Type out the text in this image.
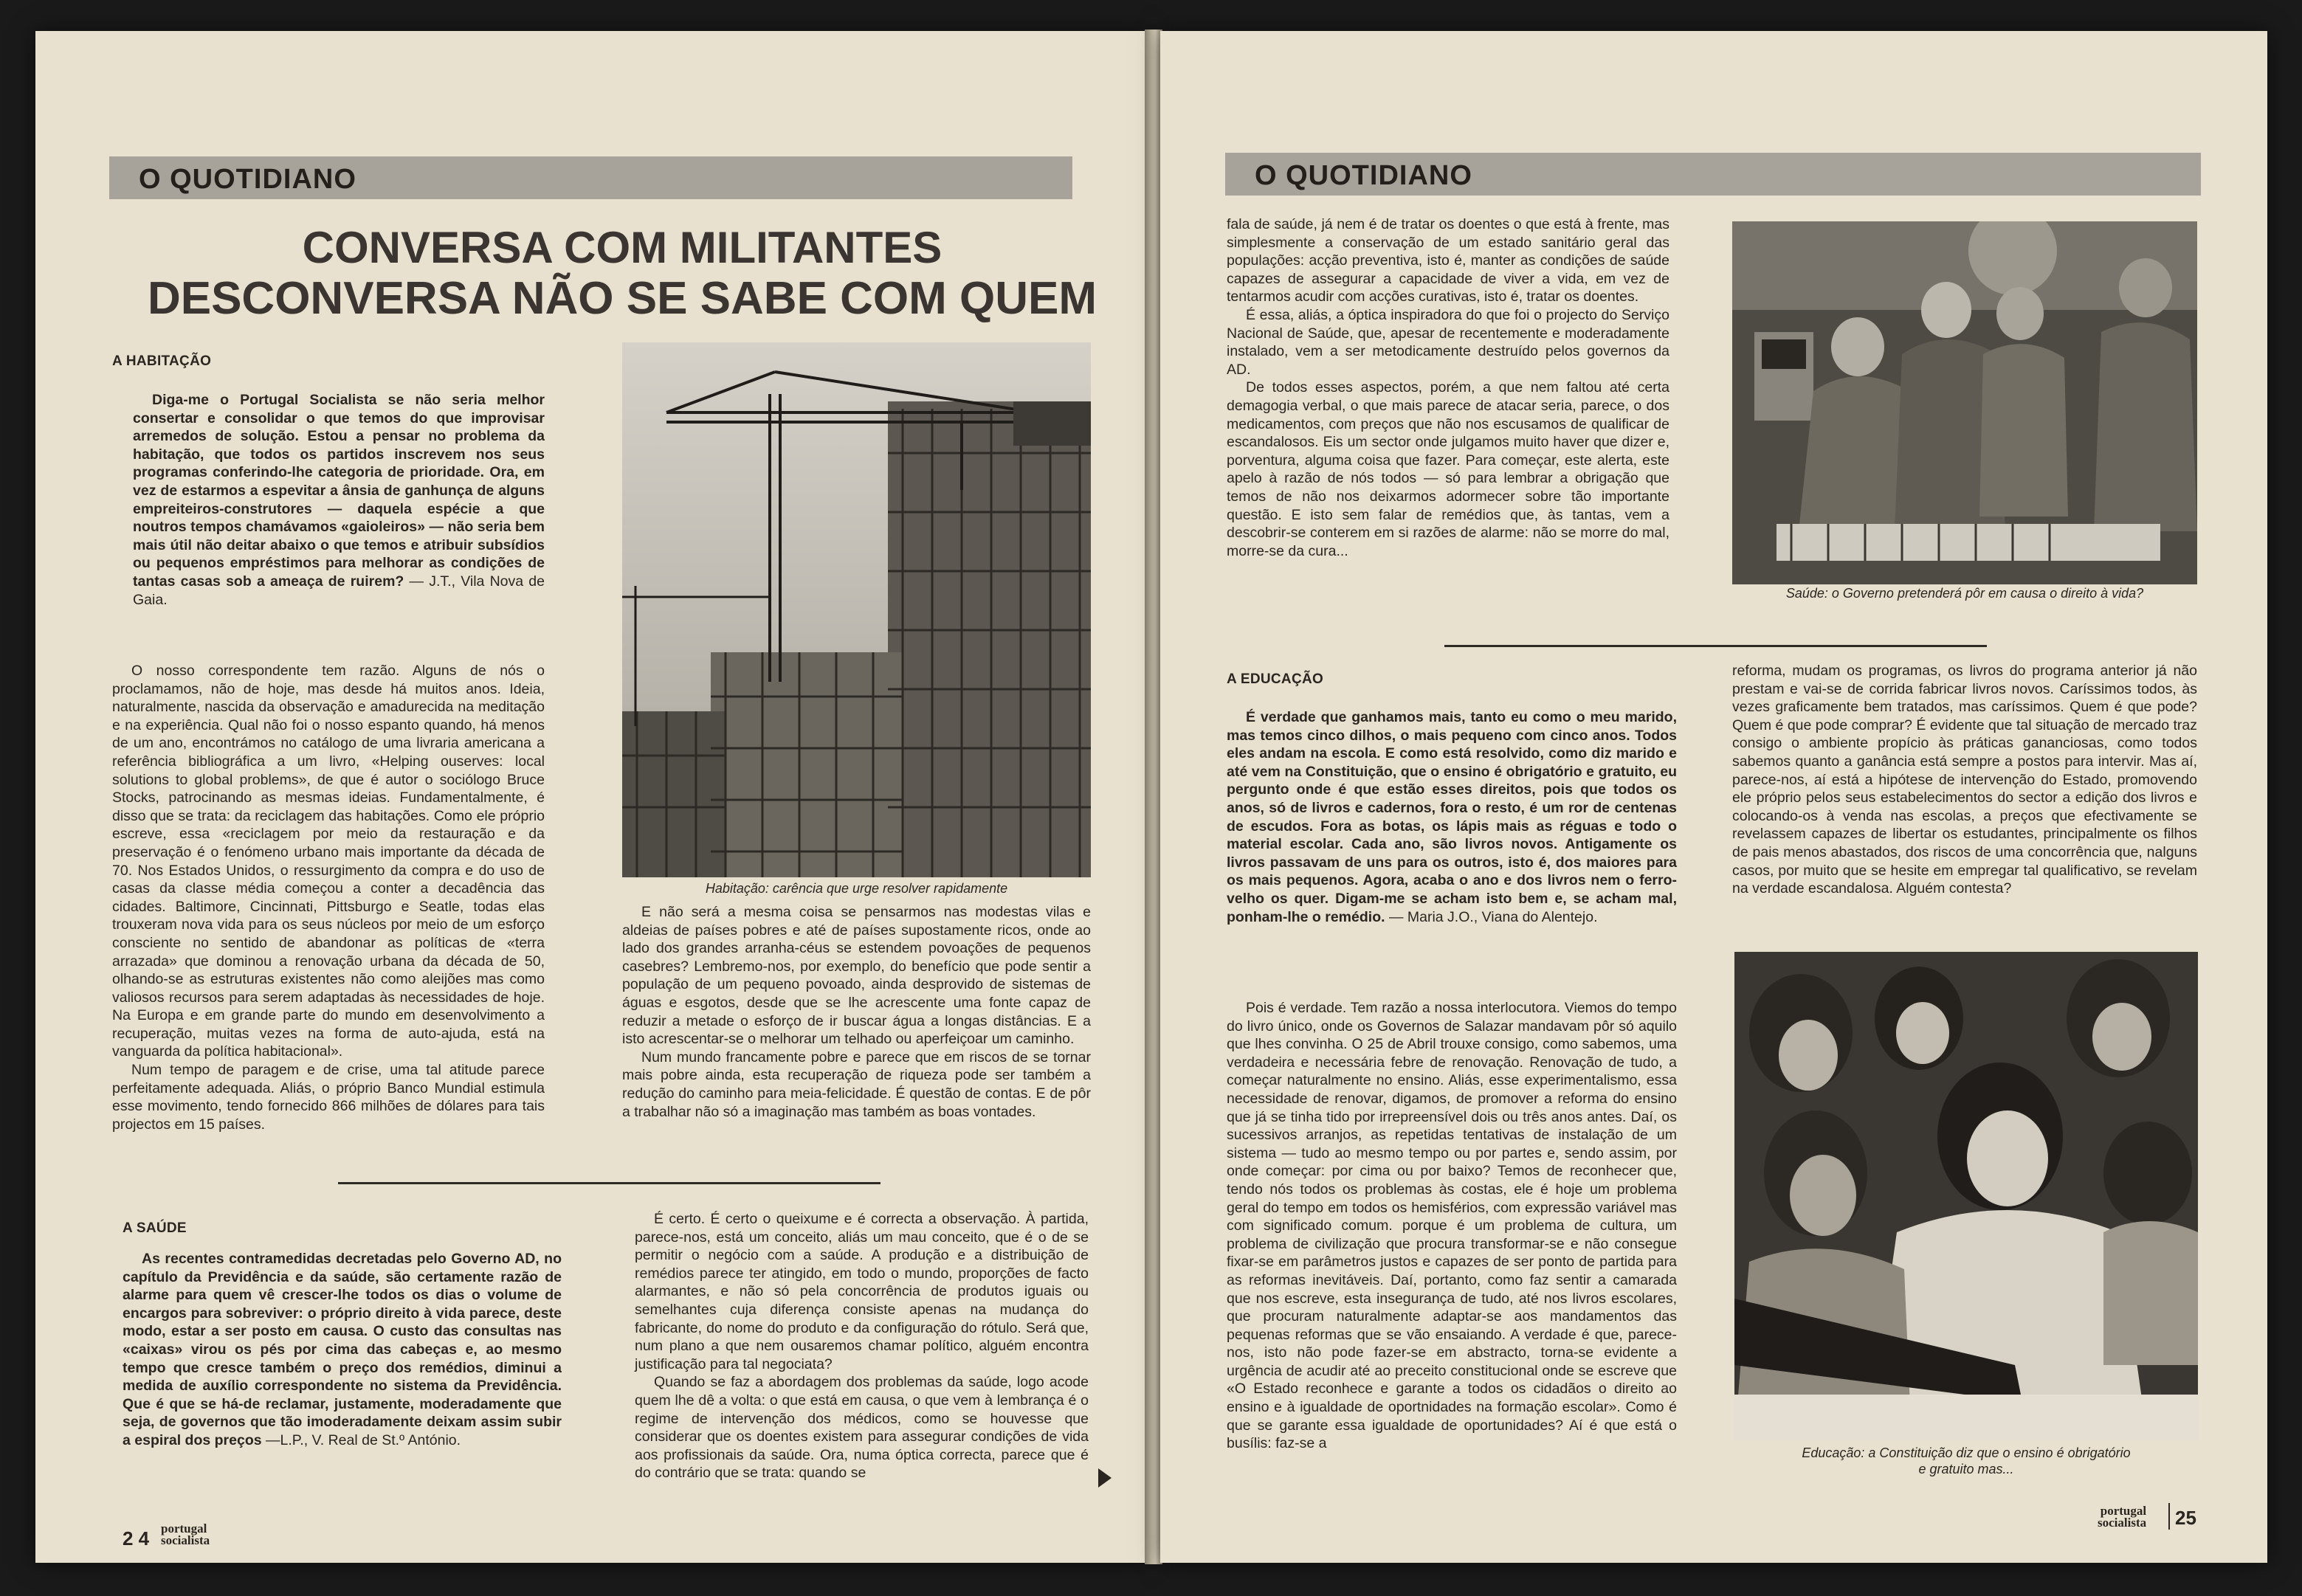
O QUOTIDIANO
CONVERSA COM MILITANTES
DESCONVERSA NÃO SE SABE COM QUEM
A HABITAÇÃO

Diga-me o Portugal Socialista se não seria melhor consertar e consolidar o que temos do que improvisar arremedos de solução. Estou a pensar no problema da habitação, que todos os partidos inscrevem nos seus programas conferindo-lhe categoria de prioridade. Ora, em vez de estarmos a espevitar a ânsia de ganhunça de alguns empreiteiros-construtores — daquela espécie a que noutros tempos chamávamos «gaioleiros» — não seria bem mais útil não deitar abaixo o que temos e atribuir subsídios ou pequenos empréstimos para melhorar as condições de tantas casas sob a ameaça de ruirem? — J.T., Vila Nova de Gaia.

O nosso correspondente tem razão. Alguns de nós o proclamamos, não de hoje, mas desde há muitos anos. Ideia, naturalmente, nascida da observação e amadurecida na meditação e na experiência. Qual não foi o nosso espanto quando, há menos de um ano, encontrámos no catálogo de uma livraria americana a referência bibliográfica a um livro, «Helping ouserves: local solutions to global problems», de que é autor o sociólogo Bruce Stocks, patrocinando as mesmas ideias. Fundamentalmente, é disso que se trata: da reciclagem das habitações. Como ele próprio escreve, essa «reciclagem por meio da restauração e da preservação é o fenómeno urbano mais importante da década de 70. Nos Estados Unidos, o ressurgimento da compra e do uso de casas da classe média começou a conter a decadência das cidades. Baltimore, Cincinnati, Pittsburgo e Seatle, todas elas trouxeram nova vida para os seus núcleos por meio de um esforço consciente no sentido de abandonar as políticas de «terra arrazada» que dominou a renovação urbana da década de 50, olhando-se as estruturas existentes não como aleijões mas como valiosos recursos para serem adaptadas às necessidades de hoje. Na Europa e em grande parte do mundo em desenvolvimento a recuperação, muitas vezes na forma de auto-ajuda, está na vanguarda da política habitacional».

Num tempo de paragem e de crise, uma tal atitude parece perfeitamente adequada. Aliás, o próprio Banco Mundial estimula esse movimento, tendo fornecido 866 milhões de dólares para tais projectos em 15 países.

Habitação: carência que urge resolver rapidamente

E não será a mesma coisa se pensarmos nas modestas vilas e aldeias de países pobres e até de países supostamente ricos, onde ao lado dos grandes arranha-céus se estendem povoações de pequenos casebres? Lembremo-nos, por exemplo, do benefício que pode sentir a população de um pequeno povoado, ainda desprovido de sistemas de águas e esgotos, desde que se lhe acrescente uma fonte capaz de reduzir a metade o esforço de ir buscar água a longas distâncias. E a isto acrescentar-se o melhorar um telhado ou aperfeiçoar um caminho.

Num mundo francamente pobre e parece que em riscos de se tornar mais pobre ainda, esta recuperação de riqueza pode ser também a redução do caminho para meia-felicidade. É questão de contas. E de pôr a trabalhar não só a imaginação mas também as boas vontades.

A SAÚDE

As recentes contramedidas decretadas pelo Governo AD, no capítulo da Previdência e da saúde, são certamente razão de alarme para quem vê crescer-lhe todos os dias o volume de encargos para sobreviver: o próprio direito à vida parece, deste modo, estar a ser posto em causa. O custo das consultas nas «caixas» virou os pés por cima das cabeças e, ao mesmo tempo que cresce também o preço dos remédios, diminui a medida de auxílio correspondente no sistema da Previdência. Que é que se há-de reclamar, justamente, moderadamente que seja, de governos que tão imoderadamente deixam assim subir a espiral dos preços —L.P., V. Real de St.º António.

É certo. É certo o queixume e é correcta a observação. À partida, parece-nos, está um conceito, aliás um mau conceito, que é o de se permitir o negócio com a saúde. A produção e a distribuição de remédios parece ter atingido, em todo o mundo, proporções de facto alarmantes, e não só pela concorrência de produtos iguais ou semelhantes cuja diferença consiste apenas na mudança do fabricante, do nome do produto e da configuração do rótulo. Será que, num plano a que nem ousaremos chamar político, alguém encontra justificação para tal negociata?

Quando se faz a abordagem dos problemas da saúde, logo acode quem lhe dê a volta: o que está em causa, o que vem à lembrança é o regime de intervenção dos médicos, como se houvesse que considerar que os doentes existem para assegurar condições de vida aos profissionais da saúde. Ora, numa óptica correcta, parece que é do contrário que se trata: quando se

2 4 portugal
socialista
O QUOTIDIANO

fala de saúde, já nem é de tratar os doentes o que está à frente, mas simplesmente a conservação de um estado sanitário geral das populações: acção preventiva, isto é, manter as condições de saúde capazes de assegurar a capacidade de viver a vida, em vez de tentarmos acudir com acções curativas, isto é, tratar os doentes.

É essa, aliás, a óptica inspiradora do que foi o projecto do Serviço Nacional de Saúde, que, apesar de recentemente e moderadamente instalado, vem a ser metodicamente destruído pelos governos da AD.

De todos esses aspectos, porém, a que nem faltou até certa demagogia verbal, o que mais parece de atacar seria, parece, o dos medicamentos, com preços que não nos escusamos de qualificar de escandalosos. Eis um sector onde julgamos muito haver que dizer e, porventura, alguma coisa que fazer. Para começar, este alerta, este apelo à razão de nós todos — só para lembrar a obrigação que temos de não nos deixarmos adormecer sobre tão importante questão. E isto sem falar de remédios que, às tantas, vem a descobrir-se conterem em si razões de alarme: não se morre do mal, morre-se da cura...

Saúde: o Governo pretenderá pôr em causa o direito à vida?
A EDUCAÇÃO

É verdade que ganhamos mais, tanto eu como o meu marido, mas temos cinco dilhos, o mais pequeno com cinco anos. Todos eles andam na escola. E como está resolvido, como diz marido e até vem na Constituição, que o ensino é obrigatório e gratuito, eu pergunto onde é que estão esses direitos, pois que todos os anos, só de livros e cadernos, fora o resto, é um ror de centenas de escudos. Fora as botas, os lápis mais as réguas e todo o material escolar. Cada ano, são livros novos. Antigamente os livros passavam de uns para os outros, isto é, dos maiores para os mais pequenos. Agora, acaba o ano e dos livros nem o ferro-velho os quer. Digam-me se acham isto bem e, se acham mal, ponham-lhe o remédio. — Maria J.O., Viana do Alentejo.

Pois é verdade. Tem razão a nossa interlocutora. Viemos do tempo do livro único, onde os Governos de Salazar mandavam pôr só aquilo que lhes convinha. O 25 de Abril trouxe consigo, como sabemos, uma verdadeira e necessária febre de renovação. Renovação de tudo, a começar naturalmente no ensino. Aliás, esse experimentalismo, essa necessidade de renovar, digamos, de promover a reforma do ensino que já se tinha tido por irrepreensível dois ou três anos antes. Daí, os sucessivos arranjos, as repetidas tentativas de instalação de um sistema — tudo ao mesmo tempo ou por partes e, sendo assim, por onde começar: por cima ou por baixo? Temos de reconhecer que, tendo nós todos os problemas às costas, ele é hoje um problema geral do tempo em todos os hemisférios, com expressão variável mas com significado comum. porque é um problema de cultura, um problema de civilização que procura transformar-se e não consegue fixar-se em parâmetros justos e capazes de ser ponto de partida para as reformas inevitáveis. Daí, portanto, como faz sentir a camarada que nos escreve, esta insegurança de tudo, até nos livros escolares, que procuram naturalmente adaptar-se aos mandamentos das pequenas reformas que se vão ensaiando. A verdade é que, parece-nos, isto não pode fazer-se em abstracto, torna-se evidente a urgência de acudir até ao preceito constitucional onde se escreve que «O Estado reconhece e garante a todos os cidadãos o direito ao ensino e à igualdade de oportnidades na formação escolar». Como é que se garante essa igualdade de oportunidades? Aí é que está o busílis: faz-se a

reforma, mudam os programas, os livros do programa anterior já não prestam e vai-se de corrida fabricar livros novos. Caríssimos todos, às vezes graficamente bem tratados, mas caríssimos. Quem é que pode? Quem é que pode comprar? É evidente que tal situação de mercado traz consigo o ambiente propício às práticas gananciosas, como todos sabemos quanto a ganância está sempre a postos para intervir. Mas aí, parece-nos, aí está a hipótese de intervenção do Estado, promovendo ele próprio pelos seus estabelecimentos do sector a edição dos livros e colocando-os à venda nas escolas, a preços que efectivamente se revelassem capazes de libertar os estudantes, principalmente os filhos de pais menos abastados, dos riscos de uma concorrência que, nalguns casos, por muito que se hesite em empregar tal qualificativo, se revelam na verdade escandalosa. Alguém contesta?

Educação: a Constituição diz que o ensino é obrigatório
e gratuito mas...
portugal
socialista 25
